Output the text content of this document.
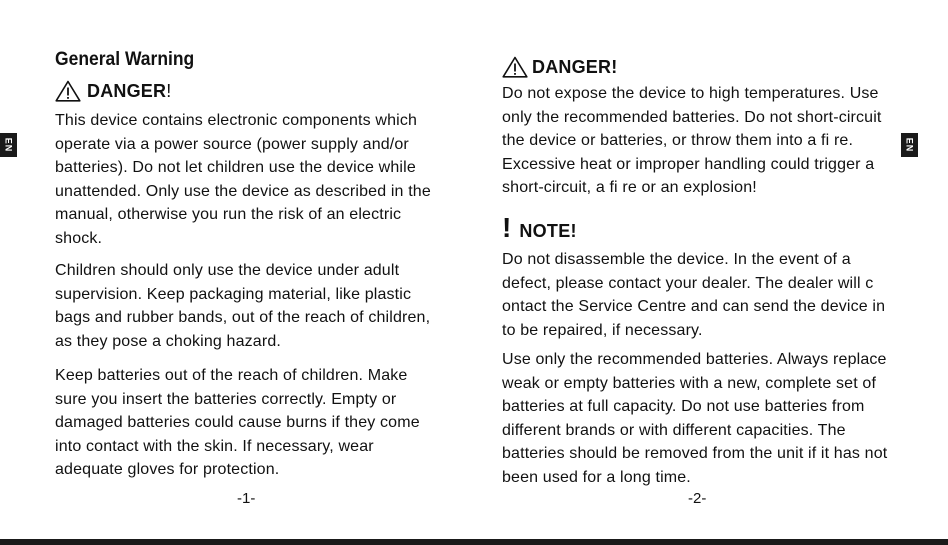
EN	EN
General Warning
DANGER !
This device contains electronic components which
operate via a power source (power supply and/or
batteries). Do not let children use the device while
unattended. Only use the device as described in the
manual, otherwise you run the risk of an electric
shock.
Children should only use the device under adult
supervision. Keep packaging material, like plastic
bags and rubber bands, out of the reach of children,
as they pose a choking hazard.
Keep batteries out of the reach of children. Make
sure you insert the batteries correctly. Empty or
damaged batteries could cause burns if they come
into contact with the skin. If necessary, wear
adequate gloves for protection.
-1-
DANGER!
Do not expose the device to high temperatures. Use
only the recommended batteries. Do not short-circuit
the device or batteries, or throw them into a fi re.
Excessive heat or improper handling could trigger a
short-circuit, a fi re or an explosion!
! NOTE!
Do not disassemble the device. In the event of a
defect, please contact your dealer. The dealer will c
ontact the Service Centre and can send the device in
to be repaired, if necessary.
Use only the recommended batteries. Always replace
weak or empty batteries with a new, complete set of
batteries at full capacity. Do not use batteries from
different brands or with different capacities. The
batteries should be removed from the unit if it has not
been used for a long time.
-2-
